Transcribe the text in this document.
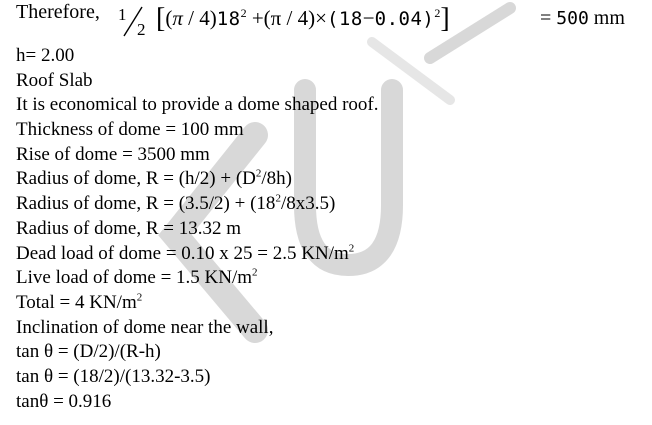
Therefore, 1
2 $[(\pi / 4)18^2 +(\pi / 4)\times(18-0.04)^2]$	= 500 mm
h= 2.00
Roof Slab
It is economical to provide a dome shaped roof.
Thickness of dome = 100 mm
Rise of dome = 3500 mm
Radius of dome, $R = (h/2) + (D^2/8h)$
Radius of dome, $R = (3.5/2) + (18^2/8x3.5)$
Radius of dome, R = 13.32 m
Dead load of dome = 0.10 x 25 = 2.5 $KN/m^2$
Live load of dome = 1.5 $KN/m^2$
Total = 4 $KN/m^2$
Inclination of dome near the wall,
tan θ = (D/2)/(R-h)
tan θ = (18/2)/(13.32-3.5)
tanθ = 0.916
